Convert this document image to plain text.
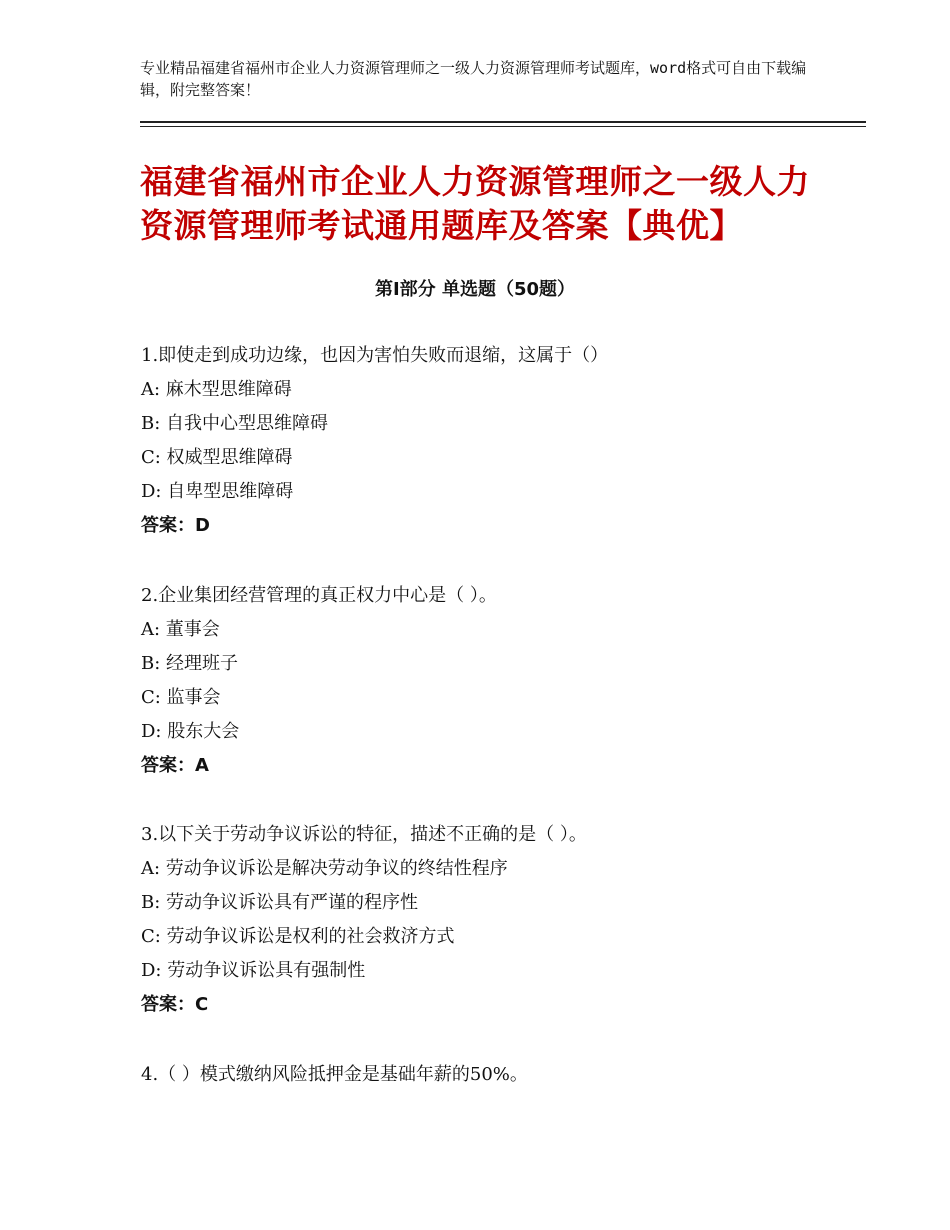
专业精品福建省福州市企业人力资源管理师之一级人力资源管理师考试题库，word格式可自由下载编辑，附完整答案！
福建省福州市企业人力资源管理师之一级人力资源管理师考试通用题库及答案【典优】
第Ⅰ部分 单选题（50题）
1.即使走到成功边缘，也因为害怕失败而退缩，这属于（）
A: 麻木型思维障碍
B: 自我中心型思维障碍
C: 权威型思维障碍
D: 自卑型思维障碍
答案：D
2.企业集团经营管理的真正权力中心是（ ）。
A: 董事会
B: 经理班子
C: 监事会
D: 股东大会
答案：A
3.以下关于劳动争议诉讼的特征，描述不正确的是（ ）。
A: 劳动争议诉讼是解决劳动争议的终结性程序
B: 劳动争议诉讼具有严谨的程序性
C: 劳动争议诉讼是权利的社会救济方式
D: 劳动争议诉讼具有强制性
答案：C
4.（ ）模式缴纳风险抵押金是基础年薪的50%。
